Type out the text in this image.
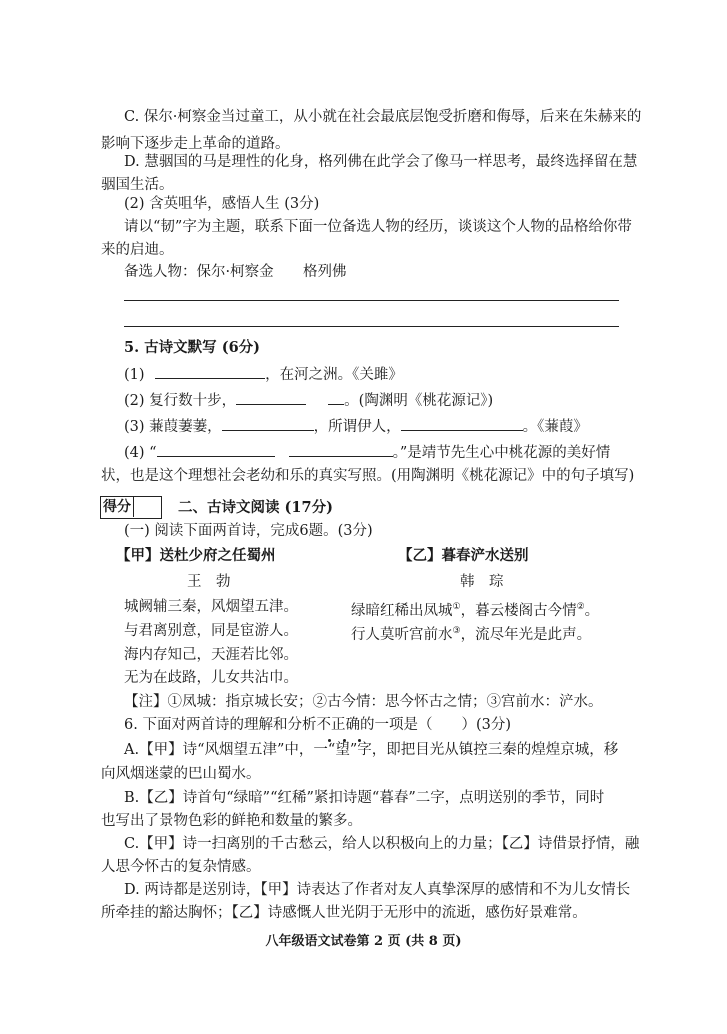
C. 保尔·柯察金当过童工，从小就在社会最底层饱受折磨和侮辱，后来在朱赫来的
影响下逐步走上革命的道路。
D. 慧骃国的马是理性的化身，格列佛在此学会了像马一样思考，最终选择留在慧
骃国生活。
(2) 含英咀华，感悟人生 (3分)
请以“韧”字为主题，联系下面一位备选人物的经历，谈谈这个人物的品格给你带
来的启迪。
备选人物：保尔·柯察金 格列佛
5. 古诗文默写 (6分)
(1)	，在河之洲。《关雎》
(2) 复行数十步，	。(陶渊明《桃花源记》)
(3) 蒹葭萋萋，	，所谓伊人，	。《蒹葭》
(4) “	。”是靖节先生心中桃花源的美好情
状，也是这个理想社会老幼和乐的真实写照。(用陶渊明《桃花源记》中的句子填写)
得分	二、古诗文阅读 (17分)
(一) 阅读下面两首诗，完成6题。(3分)
【甲】送杜少府之任蜀州
王　勃
城阙辅三秦，风烟望五津。
与君离别意，同是宦游人。
海内存知己，天涯若比邻。
无为在歧路，儿女共沾巾。
【乙】暮春浐水送别
韩　琮
绿暗红稀出凤城①，暮云楼阁古今情②。
行人莫听宫前水③，流尽年光是此声。
【注】①凤城：指京城长安；②古今情：思今怀古之情；③宫前水：浐水。
6. 下面对两首诗的理解和分析不正确的一项是（　　）(3分)
A.【甲】诗“风烟望五津”中，一“望”字，即把目光从镇控三秦的煌煌京城，移
向风烟迷蒙的巴山蜀水。
B.【乙】诗首句“绿暗”“红稀”紧扣诗题“暮春”二字，点明送别的季节，同时
也写出了景物色彩的鲜艳和数量的繁多。
C.【甲】诗一扫离别的千古愁云，给人以积极向上的力量；【乙】诗借景抒情，融
人思今怀古的复杂情感。
D. 两诗都是送别诗，【甲】诗表达了作者对友人真挚深厚的感情和不为儿女情长
所牵挂的豁达胸怀；【乙】诗感慨人世光阴于无形中的流逝，感伤好景难常。
八年级语文试卷第 2 页 (共 8 页)
